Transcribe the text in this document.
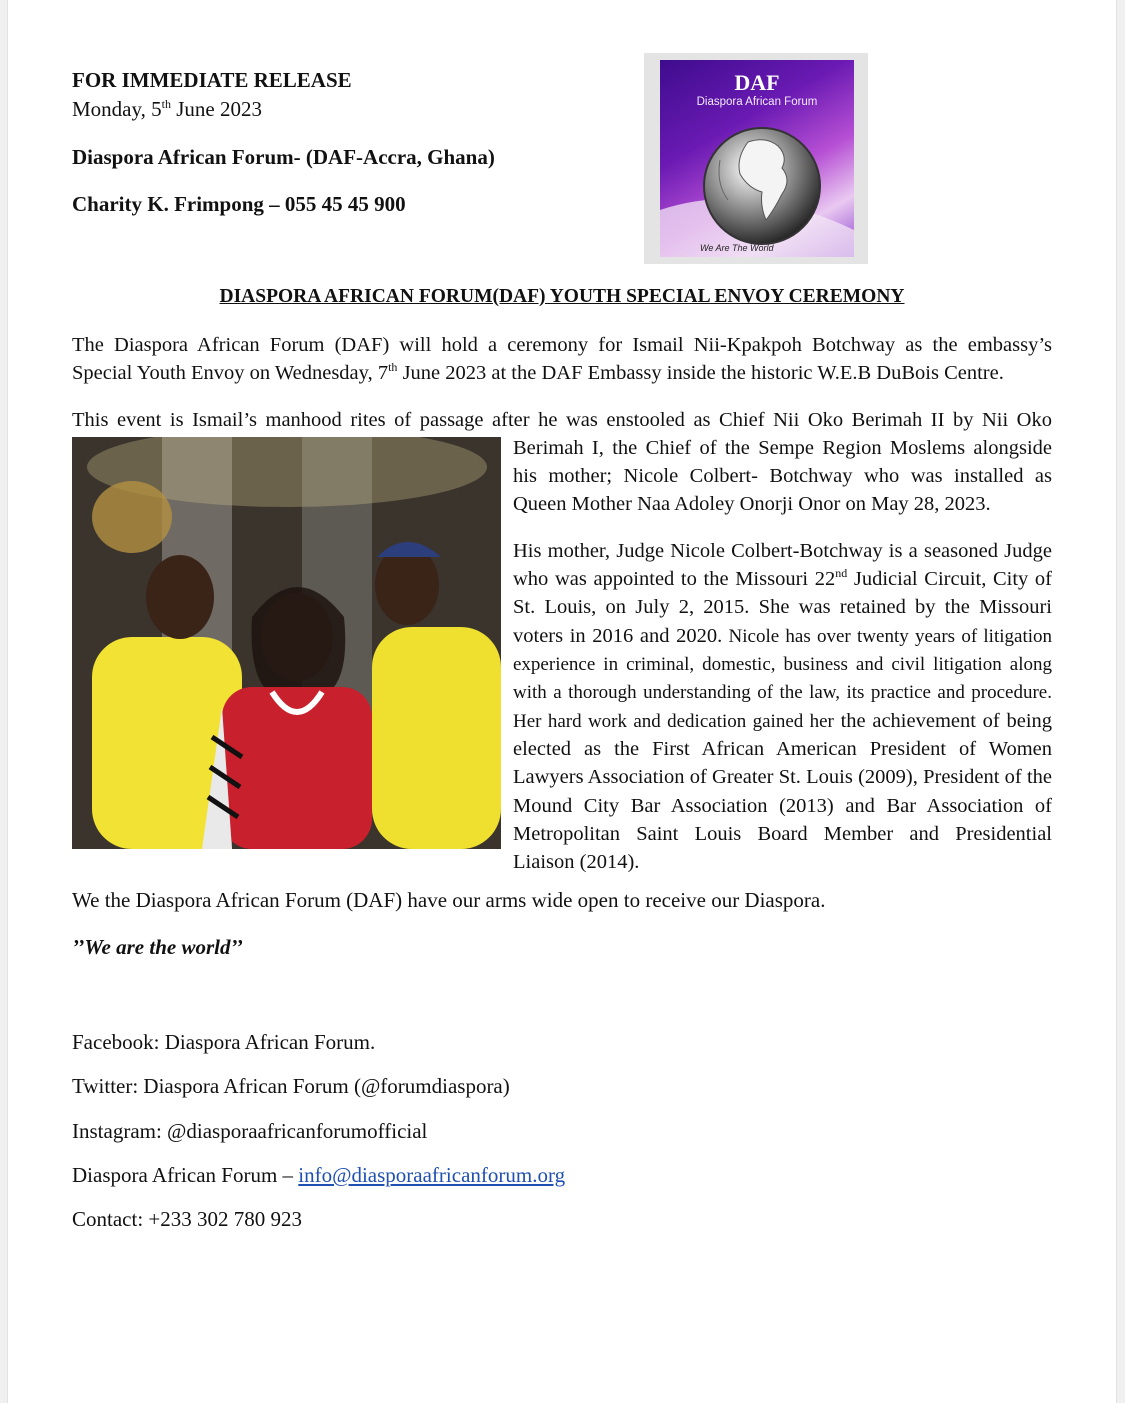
FOR IMMEDIATE RELEASE
Monday, 5th June 2023
Diaspora African Forum- (DAF-Accra, Ghana)
Charity K. Frimpong – 055 45 45 900
DAF
Diaspora African Forum
We Are The World
DIASPORA AFRICAN FORUM(DAF) YOUTH SPECIAL ENVOY CEREMONY
The Diaspora African Forum (DAF) will hold a ceremony for Ismail Nii-Kpakpoh Botchway as the embassy’s
Special Youth Envoy on Wednesday, 7th June 2023 at the DAF Embassy inside the historic W.E.B DuBois Centre.
This event is Ismail’s manhood rites of passage after he was enstooled as Chief Nii Oko Berimah II by Nii Oko
Berimah I, the Chief of the Sempe Region Moslems alongside his mother; Nicole Colbert- Botchway who was installed as Queen Mother Naa Adoley Onorji Onor on May 28, 2023.
His mother, Judge Nicole Colbert-Botchway is a seasoned Judge who was appointed to the Missouri 22nd Judicial Circuit, City of St. Louis, on July 2, 2015. She was retained by the Missouri voters in 2016 and 2020. Nicole has over twenty years of litigation experience in criminal, domestic, business and civil litigation along with a thorough understanding of the law, its practice and procedure. Her hard work and dedication gained her the achievement of being elected as the First African American President of Women Lawyers Association of Greater St. Louis (2009), President of the Mound City Bar Association (2013) and Bar Association of Metropolitan Saint Louis Board Member and Presidential Liaison (2014).
We the Diaspora African Forum (DAF) have our arms wide open to receive our Diaspora.
’’We are the world’’
Facebook: Diaspora African Forum.
Twitter: Diaspora African Forum (@forumdiaspora)
Instagram: @diasporaafricanforumofficial
Diaspora African Forum – info@diasporaafricanforum.org
Contact: +233 302 780 923
